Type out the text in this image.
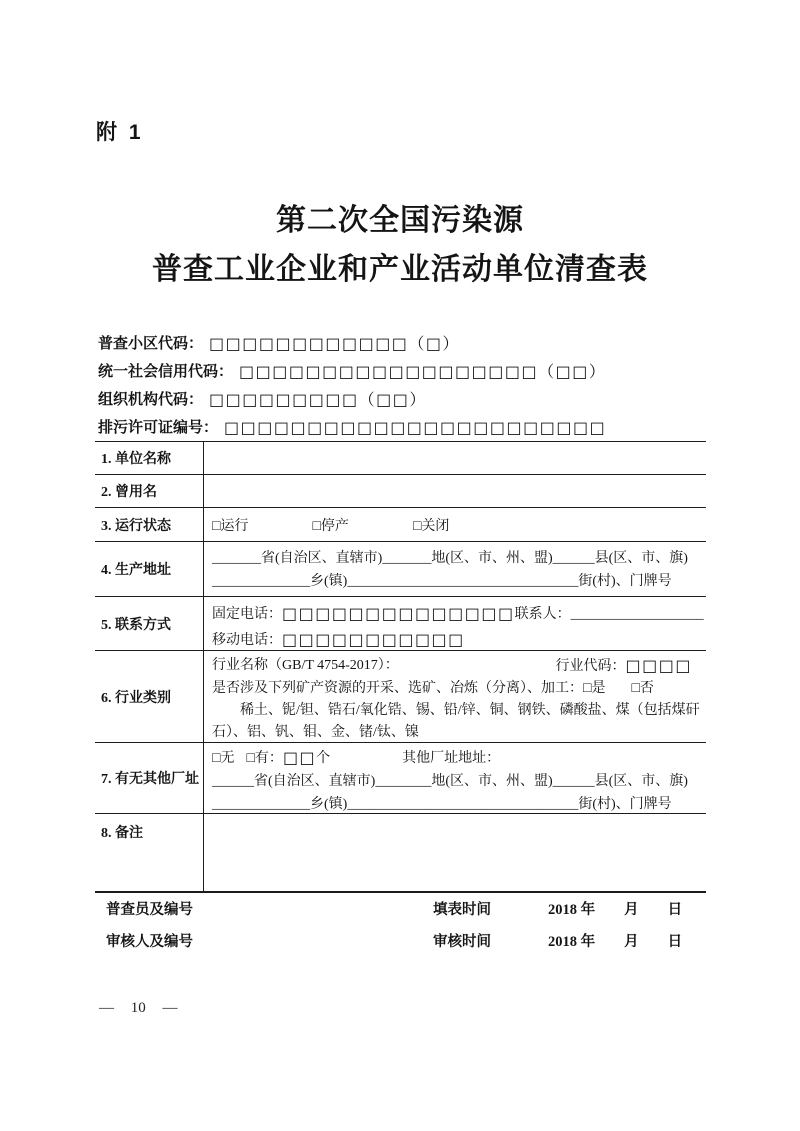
附 1
第二次全国污染源
普查工业企业和产业活动单位清查表
普查小区代码： □□□□□□□□□□□□（□）
统一社会信用代码： □□□□□□□□□□□□□□□□□□（□□）
组织机构代码： □□□□□□□□□（□□）
排污许可证编号： □□□□□□□□□□□□□□□□□□□□□□□
1. 单位名称
2. 曾用名
3. 运行状态	□运行	□停产	□关闭
4. 生产地址
_______省(自治区、直辖市)_______地(区、市、州、盟)______县(区、市、旗)
______________乡(镇)_________________________________街(村)、门牌号
5. 联系方式
固定电话：□□□□□□□□□□□□□□联系人：___________________
移动电话：□□□□□□□□□□□
6. 行业类别
行业名称（GB/T 4754-2017）：	行业代码：□□□□
是否涉及下列矿产资源的开采、选矿、冶炼（分离）、加工：□是 □否
稀土、铌/钽、锆石/氧化锆、锡、铅/锌、铜、钢铁、磷酸盐、煤（包括煤矸石）、铝、钒、钼、金、锗/钛、镍
7. 有无其他厂址
□无 □有：□□个	其他厂址地址：
______省(自治区、直辖市)________地(区、市、州、盟)______县(区、市、旗)
______________乡(镇)_________________________________街(村)、门牌号
8. 备注
普查员及编号	填表时间	2018 年　　月　　日
审核人及编号	审核时间	2018 年　　月　　日
— 10 —
